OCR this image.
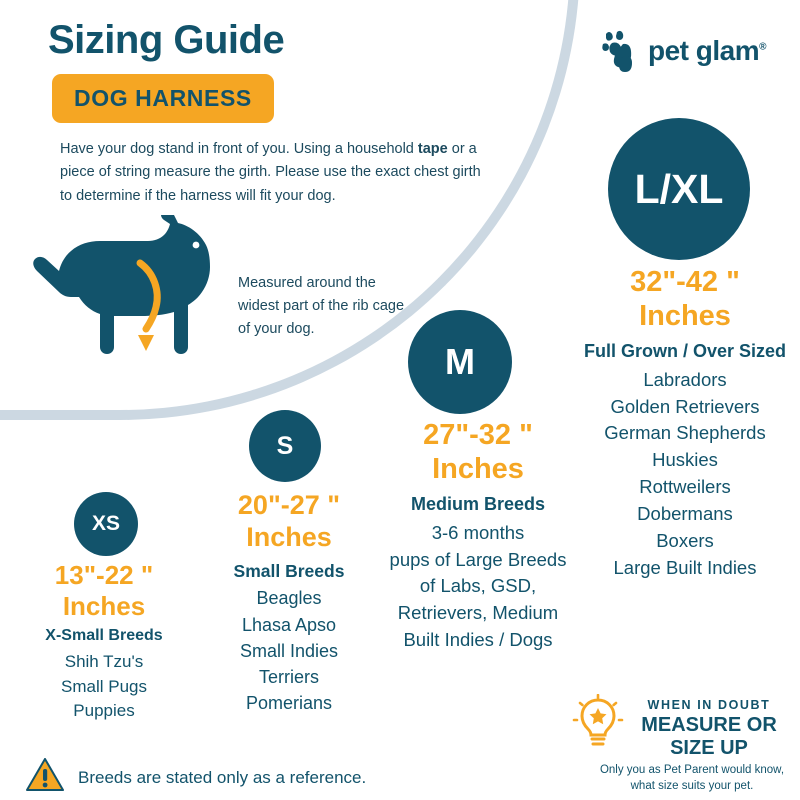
Sizing Guide
DOG HARNESS
Have your dog stand in front of you. Using a household tape or a piece of string measure the girth. Please use the exact chest girth to determine if the harness will fit your dog.
pet glam®
Measured around the widest part of the rib cage of your dog.
XS
13"-22 "
Inches
X-Small Breeds
Shih Tzu's
Small Pugs
Puppies
S
20"-27 "
Inches
Small Breeds
Beagles
Lhasa Apso
Small Indies
Terriers
Pomerians
M
27"-32 "
Inches
Medium Breeds
3-6 months
pups of Large Breeds
of Labs, GSD,
Retrievers, Medium
Built Indies / Dogs
L/XL
32"-42 "
Inches
Full Grown / Over Sized
Labradors
Golden Retrievers
German Shepherds
Huskies
Rottweilers
Dobermans
Boxers
Large Built Indies
Breeds are stated only as a reference.
WHEN IN DOUBT
MEASURE OR SIZE UP
Only you as Pet Parent would know, what size suits your pet.
